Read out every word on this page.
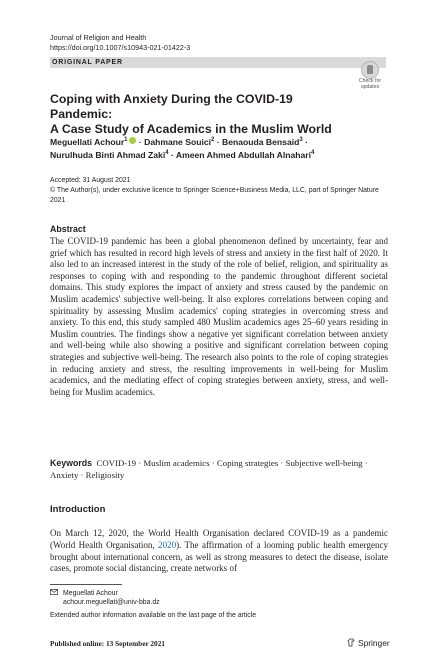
Journal of Religion and Health
https://doi.org/10.1007/s10943-021-01422-3
ORIGINAL PAPER
Check for
updates
Coping with Anxiety During the COVID-19 Pandemic:
A Case Study of Academics in the Muslim World
Meguellati Achour$^1$ · Dahmane Souici$^2$ · Benaouda Bensaid$^3$ ·
Nurulhuda Binti Ahmad Zaki$^4$ · Ameen Ahmed Abdullah Alnahari$^4$
Accepted: 31 August 2021
© The Author(s), under exclusive licence to Springer Science+Business Media, LLC, part of Springer Nature 2021
Abstract
The COVID-19 pandemic has been a global phenomenon defined by uncertainty, fear and grief which has resulted in record high levels of stress and anxiety in the first half of 2020. It also led to an increased interest in the study of the role of belief, religion, and spirituality as responses to coping with and responding to the pandemic throughout different societal domains. This study explores the impact of anxiety and stress caused by the pandemic on Muslim academics' subjective well-being. It also explores correlations between coping and spirituality by assessing Muslim academics' coping strategies in overcoming stress and anxiety. To this end, this study sampled 480 Muslim academics ages 25–60 years residing in Muslim countries. The findings show a negative yet significant correlation between anxiety and well-being while also showing a positive and significant correlation between coping strategies and subjective well-being. The research also points to the role of coping strategies in reducing anxiety and stress, the resulting improvements in well-being for Muslim academics, and the mediating effect of coping strategies between anxiety, stress, and well-being for Muslim academics.
Keywords COVID-19 · Muslim academics · Coping strategies · Subjective well-being · Anxiety · Religiosity
Introduction
On March 12, 2020, the World Health Organisation declared COVID-19 as a pandemic (World Health Organisation, 2020). The affirmation of a looming public health emergency brought about international concern, as well as strong measures to detect the disease, isolate cases, promote social distancing, create networks of
Meguellati Achour
achour.meguellati@univ-bba.dz
Extended author information available on the last page of the article
Published online: 13 September 2021	Springer
